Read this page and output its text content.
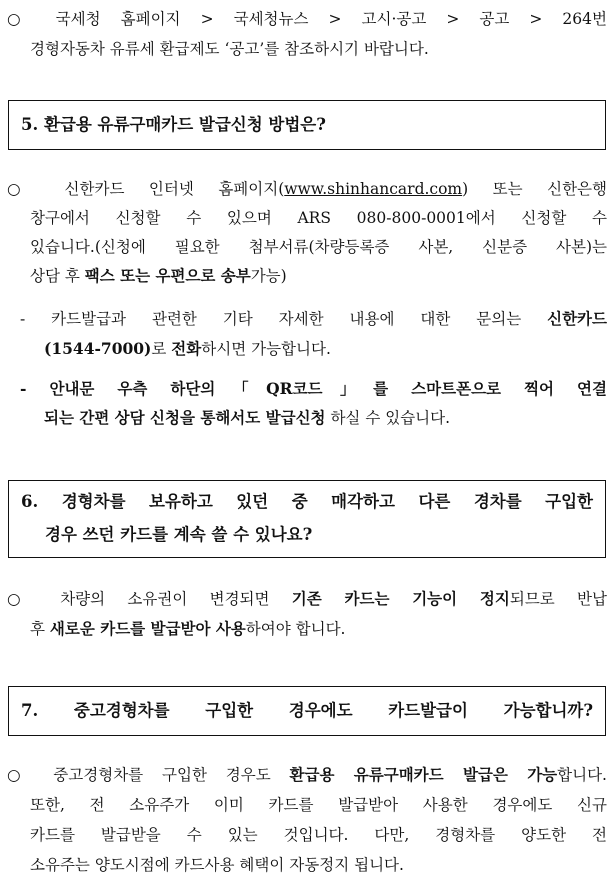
○ 국세청 홈페이지 > 국세청뉴스 > 고시·공고 > 공고 > 264번
경형자동차 유류세 환급제도 ‘공고’를 참조하시기 바랍니다.
5. 환급용 유류구매카드 발급신청 방법은?
○ 신한카드 인터넷 홈페이지(www.shinhancard.com) 또는 신한은행
창구에서 신청할 수 있으며 ARS 080-800-0001에서 신청할 수
있습니다.(신청에 필요한 첨부서류(차량등록증 사본, 신분증 사본)는
상담 후 팩스 또는 우편으로 송부가능)
- 카드발급과 관련한 기타 자세한 내용에 대한 문의는 신한카드
(1544-7000)로 전화하시면 가능합니다.
- 안내문 우측 하단의「QR코드」를 스마트폰으로 찍어 연결
되는 간편 상담 신청을 통해서도 발급신청 하실 수 있습니다.
6. 경형차를 보유하고 있던 중 매각하고 다른 경차를 구입한
경우 쓰던 카드를 계속 쓸 수 있나요?
○ 차량의 소유권이 변경되면 기존 카드는 기능이 정지되므로 반납
후 새로운 카드를 발급받아 사용하여야 합니다.
7. 중고경형차를 구입한 경우에도 카드발급이 가능합니까?
○ 중고경형차를 구입한 경우도 환급용 유류구매카드 발급은 가능합니다.
또한, 전 소유주가 이미 카드를 발급받아 사용한 경우에도 신규
카드를 발급받을 수 있는 것입니다. 다만, 경형차를 양도한 전
소유주는 양도시점에 카드사용 혜택이 자동정지 됩니다.
